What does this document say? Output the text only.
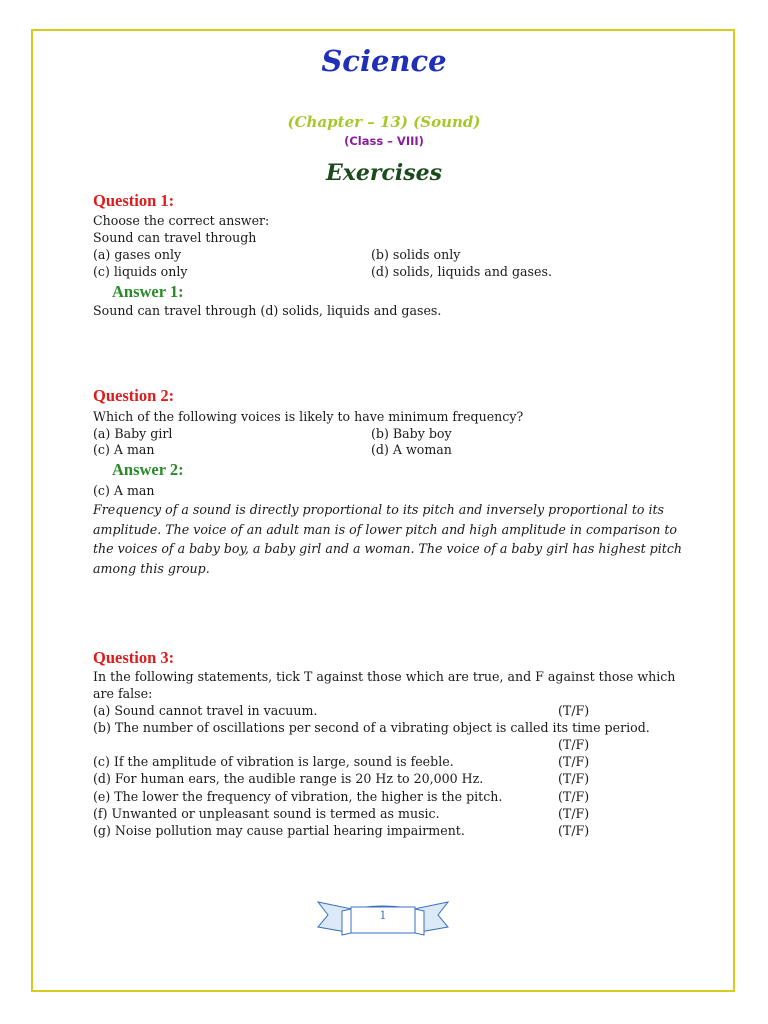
Science
(Chapter – 13) (Sound)
(Class – VIII)
Exercises
Question 1:
Choose the correct answer:
Sound can travel through
(a) gases only	(b) solids only
(c) liquids only	(d) solids, liquids and gases.
Answer 1:
Sound can travel through (d) solids, liquids and gases.
Question 2:
Which of the following voices is likely to have minimum frequency?
(a) Baby girl	(b) Baby boy
(c) A man	(d) A woman
Answer 2:
(c) A man
Frequency of a sound is directly proportional to its pitch and inversely proportional to its
amplitude. The voice of an adult man is of lower pitch and high amplitude in comparison to
the voices of a baby boy, a baby girl and a woman. The voice of a baby girl has highest pitch
among this group.
Question 3:
In the following statements, tick T against those which are true, and F against those which
are false:
(a) Sound cannot travel in vacuum.	(T/F)
(b) The number of oscillations per second of a vibrating object is called its time period.
(T/F)
(c) If the amplitude of vibration is large, sound is feeble.	(T/F)
(d) For human ears, the audible range is 20 Hz to 20,000 Hz.	(T/F)
(e) The lower the frequency of vibration, the higher is the pitch.	(T/F)
(f) Unwanted or unpleasant sound is termed as music.	(T/F)
(g) Noise pollution may cause partial hearing impairment.	(T/F)
1
